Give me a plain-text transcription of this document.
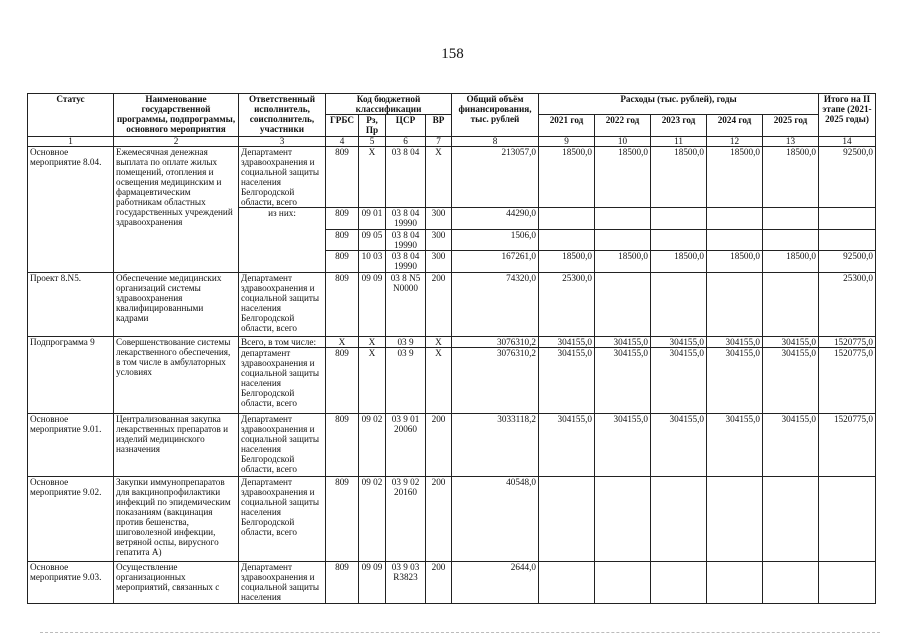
158
Статус	Наименование государственной программы, подпрограммы, основного мероприятия	Ответственный исполнитель, соисполнитель, участники	Код бюджетной классификации				Общий объём финансирования, тыс. рублей	Расходы (тыс. рублей), годы					Итого на II этапе (2021-2025 годы)
			ГРБС	Рз, Пр	ЦСР	ВР		2021 год	2022 год	2023 год	2024 год	2025 год	
1	2	3	4	5	6	7	8	9	10	11	12	13	14
Основное мероприятие 8.04.	Ежемесячная денежная выплата по оплате жилых помещений, отопления и освещения медицинским и фармацевтическим работникам областных государственных учреждений здравоохранения	Департамент здравоохранения и социальной защиты населения Белгородской области, всего	809	X	03 8 04	X	213057,0	18500,0	18500,0	18500,0	18500,0	18500,0	92500,0
		из них:	809	09 01	03 8 04 19990	300	44290,0						
			809	09 05	03 8 04 19990	300	1506,0						
			809	10 03	03 8 04 19990	300	167261,0	18500,0	18500,0	18500,0	18500,0	18500,0	92500,0
Проект 8.N5.	Обеспечение медицинских организаций системы здравоохранения квалифицированными кадрами	Департамент здравоохранения и социальной защиты населения Белгородской области, всего	809	09 09	03 8 N5 N0000	200	74320,0	25300,0					25300,0
Подпрограмма 9	Совершенствование системы лекарственного обеспечения, в том числе в амбулаторных условиях	Всего, в том числе:	X	X	03 9	X	3076310,2	304155,0	304155,0	304155,0	304155,0	304155,0	1520775,0
		департамент здравоохранения и социальной защиты населения Белгородской области, всего	809	X	03 9	X	3076310,2	304155,0	304155,0	304155,0	304155,0	304155,0	1520775,0
Основное мероприятие 9.01.	Централизованная закупка лекарственных препаратов и изделий медицинского назначения	Департамент здравоохранения и социальной защиты населения Белгородской области, всего	809	09 02	03 9 01 20060	200	3033118,2	304155,0	304155,0	304155,0	304155,0	304155,0	1520775,0
Основное мероприятие 9.02.	Закупки иммунопрепаратов для вакцинопрофилактики инфекций по эпидемическим показаниям (вакцинация против бешенства, шиговолезной инфекции, ветряной оспы, вирусного гепатита А)	Департамент здравоохранения и социальной защиты населения Белгородской области, всего	809	09 02	03 9 02 20160	200	40548,0						
Основное мероприятие 9.03.	Осуществление организационных мероприятий, связанных с	Департамент здравоохранения и социальной защиты населения	809	09 09	03 9 03 R3823	200	2644,0						
